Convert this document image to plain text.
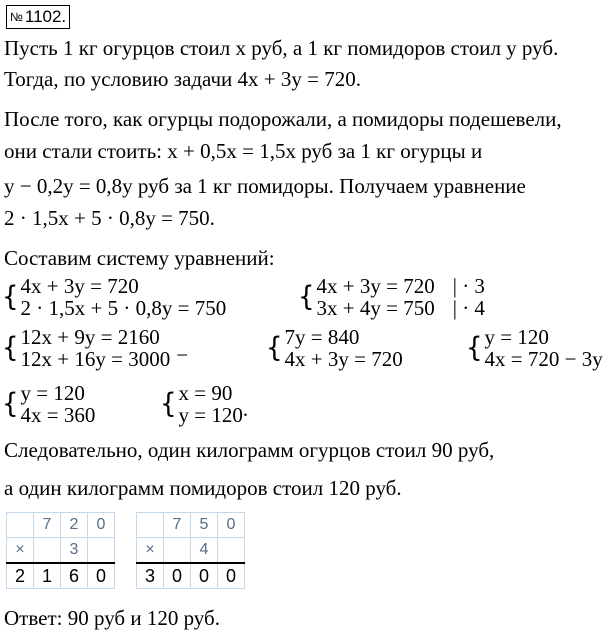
№ 1102.
Пусть 1 кг огурцов стоил x руб, а 1 кг помидоров стоил y руб.
Тогда, по условию задачи 4x + 3y = 720.
После того, как огурцы подорожали, а помидоры подешевели,
они стали стоить: x + 0,5x = 1,5x руб за 1 кг огурцы и
y − 0,2y = 0,8y руб за 1 кг помидоры. Получаем уравнение
2 · 1,5x + 5 · 0,8y = 750.
Составим систему уравнений:
{ 4x + 3y = 720
2 · 1,5x + 5 · 0,8y = 750	{ 4x + 3y = 720
3x + 4y = 750
| · 3
| · 4
{ 12x + 9y = 2160
12x + 16y = 3000 −	{ 7y = 840
4x + 3y = 720 { y = 120
4x = 720 − 3y
{ y = 120
4x = 360 { x = 90
y = 120 .
Следовательно, один килограмм огурцов стоил 90 руб,
а один килограмм помидоров стоил 120 руб.
	7	2	0
×		3	
2	1	6	0
	7	5	0
×		4	
3	0	0	0
Ответ: 90 руб и 120 руб.
